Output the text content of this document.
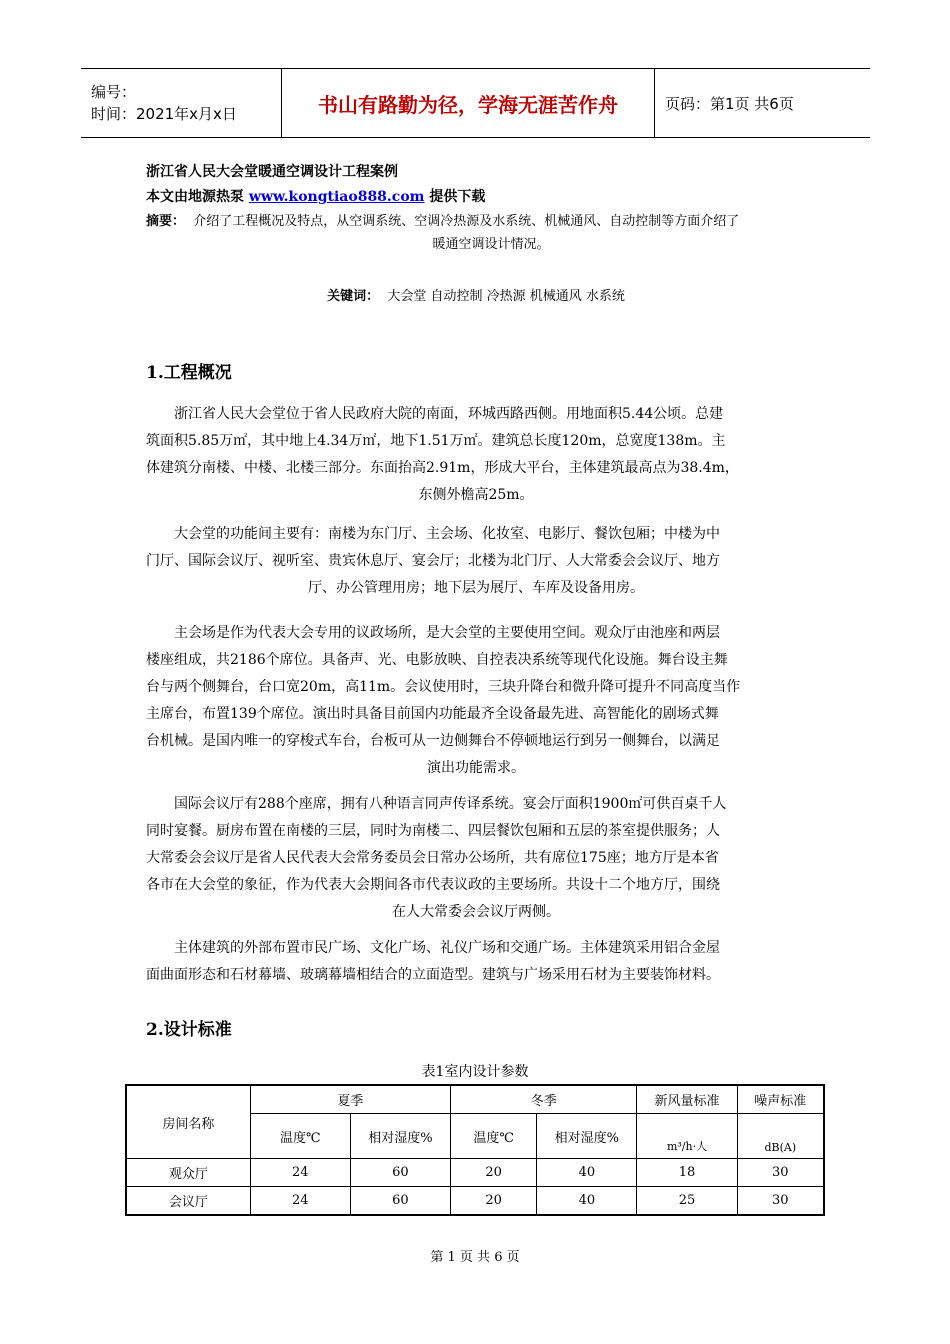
编号：
时间：2021年x月x日	书山有路勤为径，学海无涯苦作舟	页码：第1页 共6页
浙江省人民大会堂暖通空调设计工程案例
本文由地源热泵 www.kongtiao888.com 提供下载
摘要： 介绍了工程概况及特点，从空调系统、空调冷热源及水系统、机械通风、自动控制等方面介绍了
暖通空调设计情况。
关键词： 大会堂 自动控制 冷热源 机械通风 水系统
1.工程概况

浙江省人民大会堂位于省人民政府大院的南面，环城西路西侧。用地面积5.44公顷。总建

筑面积5.85万㎡，其中地上4.34万㎡，地下1.51万㎡。建筑总长度120m，总宽度138m。主

体建筑分南楼、中楼、北楼三部分。东面抬高2.91m，形成大平台，主体建筑最高点为38.4m，

东侧外檐高25m。

大会堂的功能间主要有：南楼为东门厅、主会场、化妆室、电影厅、餐饮包厢；中楼为中

门厅、国际会议厅、视听室、贵宾休息厅、宴会厅；北楼为北门厅、人大常委会会议厅、地方

厅、办公管理用房；地下层为展厅、车库及设备用房。

主会场是作为代表大会专用的议政场所，是大会堂的主要使用空间。观众厅由池座和两层

楼座组成，共2186个席位。具备声、光、电影放映、自控表决系统等现代化设施。舞台设主舞

台与两个侧舞台，台口宽20m，高11m。会议使用时，三块升降台和微升降可提升不同高度当作

主席台，布置139个席位。演出时具备目前国内功能最齐全设备最先进、高智能化的剧场式舞

台机械。是国内唯一的穿梭式车台，台板可从一边侧舞台不停顿地运行到另一侧舞台，以满足

演出功能需求。

国际会议厅有288个座席，拥有八种语言同声传译系统。宴会厅面积1900㎡可供百桌千人

同时宴餐。厨房布置在南楼的三层，同时为南楼二、四层餐饮包厢和五层的茶室提供服务；人

大常委会会议厅是省人民代表大会常务委员会日常办公场所，共有席位175座；地方厅是本省

各市在大会堂的象征，作为代表大会期间各市代表议政的主要场所。共设十二个地方厅，围绕

在人大常委会会议厅两侧。

主体建筑的外部布置市民广场、文化广场、礼仪广场和交通广场。主体建筑采用铝合金屋

面曲面形态和石材幕墙、玻璃幕墙相结合的立面造型。建筑与广场采用石材为主要装饰材料。

2.设计标准
表1室内设计参数
房间名称	夏季		冬季		新风量标准	噪声标准
	温度℃	相对湿度%	温度℃	相对湿度%	m³/h·人	dB(A)
观众厅	24	60	20	40	18	30
会议厅	24	60	20	40	25	30
第 1 页 共 6 页
